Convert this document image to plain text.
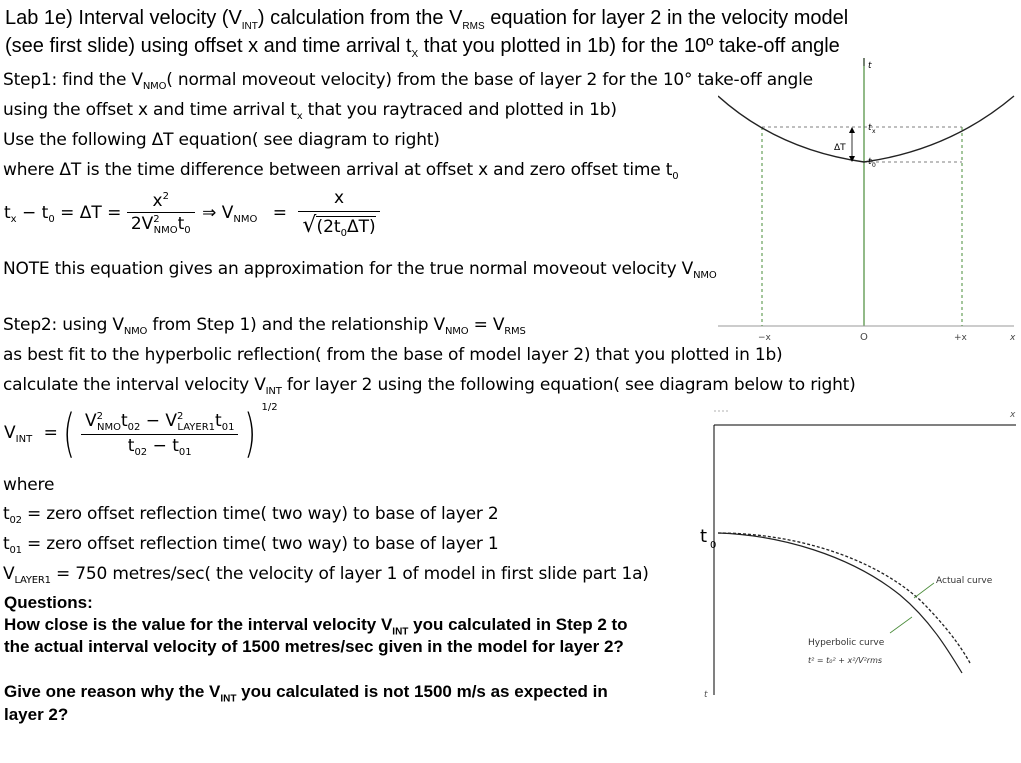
Lab 1e) Interval velocity $(V_{INT})$ calculation from the $V_{RMS}$ equation for layer 2 in the velocity model
(see first slide) using offset x and time arrival $t_X$ that you plotted in 1b) for the 10º take-off angle
Step1: find the $V_{NMO}$( normal moveout velocity) from the base of layer 2 for the 10° take-off angle
using the offset x and time arrival $t_x$ that you raytraced and plotted in 1b)
Use the following ΔT equation( see diagram to right)
where ΔT is the time difference between arrival at offset x and zero offset time $t_0$
$t_x - t_0 = \Delta T = \frac{x^2}{2V^2_{NMO}t_0}$ ⇒ $V_{NMO} = \frac{x}{√(2t_0\Delta T)}$
NOTE this equation gives an approximation for the true normal moveout velocity $V_{NMO}$
Step2: using $V_{NMO}$ from Step 1) and the relationship $V_{NMO} = V_{RMS}$
as best fit to the hyperbolic reflection( from the base of model layer 2) that you plotted in 1b)
calculate the interval velocity $V_{INT}$ for layer 2 using the following equation( see diagram below to right)
$V_{INT}$ = ( $\frac{V^2_{NMO}t_{02} - V^2_{LAYER1}t_{01}}{t_{02} - t_{01}}$ ) 1/2
where
$t_{02}$ = zero offset reflection time( two way) to base of layer 2
$t_{01}$ = zero offset reflection time( two way) to base of layer 1
$V_{LAYER1} = 750$ metres/sec( the velocity of layer 1 of model in first slide part 1a)
Questions:
How close is the value for the interval velocity $V_{INT}$ you calculated in Step 2 to
the actual interval velocity of 1500 metres/sec given in the model for layer 2?
Give one reason why the $V_{INT}$ you calculated is not 1500 m/s as expected in
layer 2?
t
−x	O	+x	x
ΔT
t x
t 0
x
t
t 0
Actual curve
Hyperbolic curve
t² = t₀² + x²/V²rms
